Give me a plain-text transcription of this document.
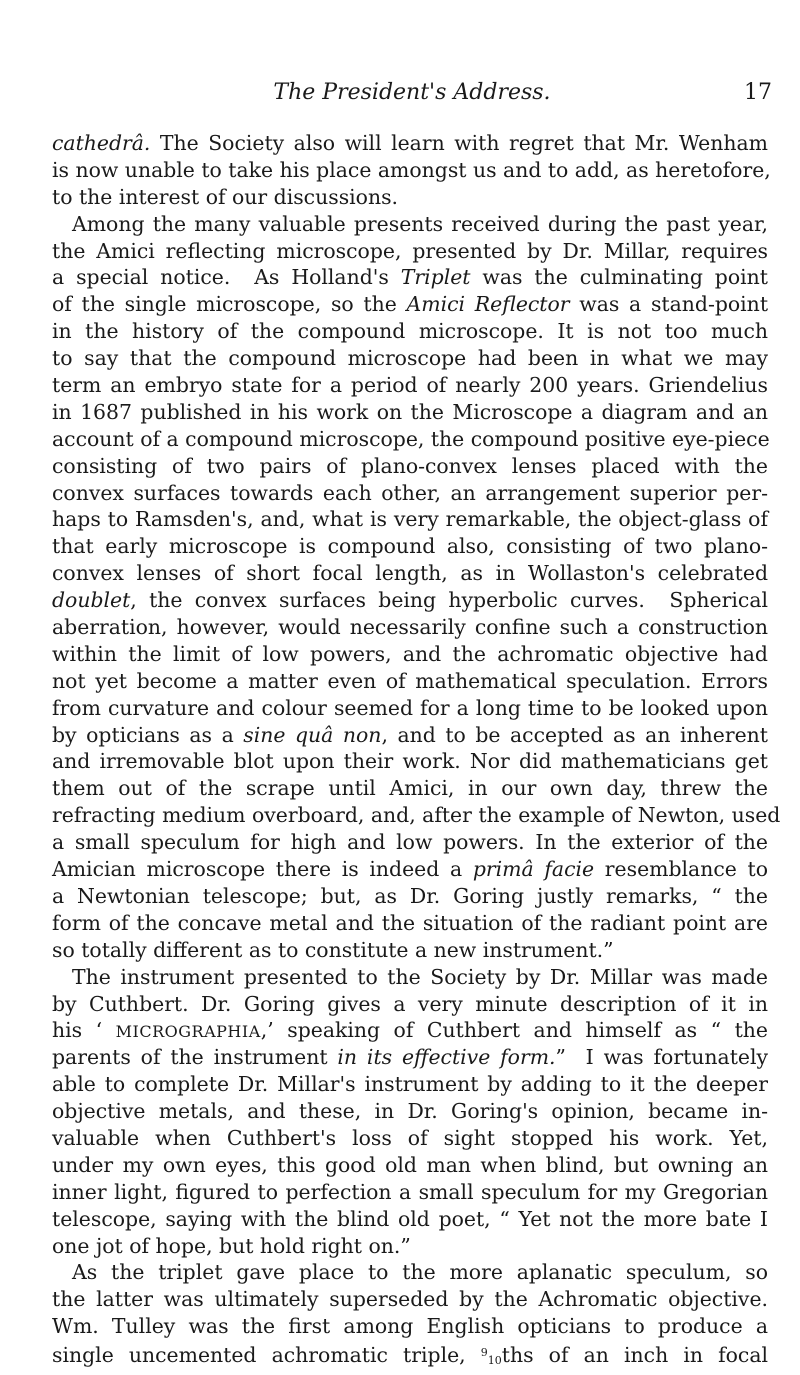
The President's Address.	17
cathedrâ. The Society also will learn with regret that Mr. Wenham
is now unable to take his place amongst us and to add, as heretofore,
to the interest of our discussions.
Among the many valuable presents received during the past year,
the Amici reflecting microscope, presented by Dr. Millar, requires
a special notice.  As Holland's Triplet was the culminating point
of the single microscope, so the Amici Reflector was a stand-point
in the history of the compound microscope. It is not too much
to say that the compound microscope had been in what we may
term an embryo state for a period of nearly 200 years. Griendelius
in 1687 published in his work on the Microscope a diagram and an
account of a compound microscope, the compound positive eye-piece
consisting of two pairs of plano-convex lenses placed with the
convex surfaces towards each other, an arrangement superior per-
haps to Ramsden's, and, what is very remarkable, the object-glass of
that early microscope is compound also, consisting of two plano-
convex lenses of short focal length, as in Wollaston's celebrated
doublet, the convex surfaces being hyperbolic curves.  Spherical
aberration, however, would necessarily confine such a construction
within the limit of low powers, and the achromatic objective had
not yet become a matter even of mathematical speculation. Errors
from curvature and colour seemed for a long time to be looked upon
by opticians as a sine quâ non, and to be accepted as an inherent
and irremovable blot upon their work. Nor did mathematicians get
them out of the scrape until Amici, in our own day, threw the
refracting medium overboard, and, after the example of Newton, used
a small speculum for high and low powers. In the exterior of the
Amician microscope there is indeed a primâ facie resemblance to
a Newtonian telescope; but, as Dr. Goring justly remarks, “ the
form of the concave metal and the situation of the radiant point are
so totally different as to constitute a new instrument.”
The instrument presented to the Society by Dr. Millar was made
by Cuthbert. Dr. Goring gives a very minute description of it in
his ‘ MICROGRAPHIA,’ speaking of Cuthbert and himself as “ the
parents of the instrument in its effective form.”  I was fortunately
able to complete Dr. Millar's instrument by adding to it the deeper
objective metals, and these, in Dr. Goring's opinion, became in-
valuable when Cuthbert's loss of sight stopped his work. Yet,
under my own eyes, this good old man when blind, but owning an
inner light, figured to perfection a small speculum for my Gregorian
telescope, saying with the blind old poet, “ Yet not the more bate I
one jot of hope, but hold right on.”
As the triplet gave place to the more aplanatic speculum, so
the latter was ultimately superseded by the Achromatic objective.
Wm. Tulley was the first among English opticians to produce a
single uncemented achromatic triple, $^9_{10}$ths of an inch in focal
